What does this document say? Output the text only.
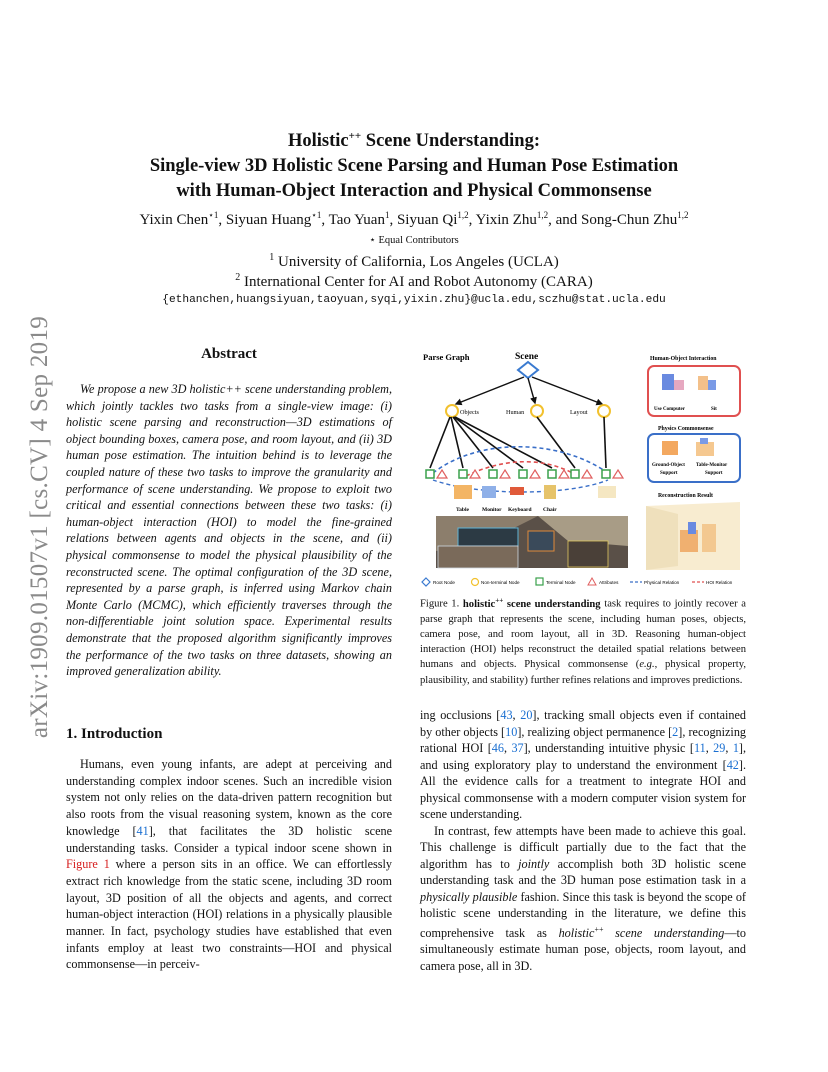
arXiv:1909.01507v1 [cs.CV] 4 Sep 2019
Holistic++ Scene Understanding:
Single-view 3D Holistic Scene Parsing and Human Pose Estimation
with Human-Object Interaction and Physical Commonsense
Yixin Chen$^{⋆1}$, Siyuan Huang$^{⋆1}$, Tao Yuan$^1$, Siyuan Qi$^{1,2}$, Yixin Zhu$^{1,2}$, and Song-Chun Zhu$^{1,2}$
⋆ Equal Contributors
$^1$ University of California, Los Angeles (UCLA)
$^2$ International Center for AI and Robot Autonomy (CARA)
{ethanchen,huangsiyuan,taoyuan,syqi,yixin.zhu}@ucla.edu,sczhu@stat.ucla.edu
Abstract
We propose a new 3D holistic++ scene understanding problem, which jointly tackles two tasks from a single-view image: (i) holistic scene parsing and reconstruction—3D estimations of object bounding boxes, camera pose, and room layout, and (ii) 3D human pose estimation. The intuition behind is to leverage the coupled nature of these two tasks to improve the granularity and performance of scene understanding. We propose to exploit two critical and essential connections between these two tasks: (i) human-object interaction (HOI) to model the fine-grained relations between agents and objects in the scene, and (ii) physical commonsense to model the physical plausibility of the reconstructed scene. The optimal configuration of the 3D scene, represented by a parse graph, is inferred using Markov chain Monte Carlo (MCMC), which efficiently traverses through the non-differentiable joint solution space. Experimental results demonstrate that the proposed algorithm significantly improves the performance of the two tasks on three datasets, showing an improved generalization ability.
1. Introduction
Humans, even young infants, are adept at perceiving and understanding complex indoor scenes. Such an incredible vision system not only relies on the data-driven pattern recognition but also roots from the visual reasoning system, known as the core knowledge [41], that facilitates the 3D holistic scene understanding tasks. Consider a typical indoor scene shown in Figure 1 where a person sits in an office. We can effortlessly extract rich knowledge from the static scene, including 3D room layout, 3D position of all the objects and agents, and correct human-object interaction (HOI) relations in a physically plausible manner. In fact, psychology studies have established that even infants employ at least two constraints—HOI and physical commonsense—in perceiv-
Parse Graph	Scene
Objects	Human	Layout
Table Monitor Keyboard Chair
Human-Object Interaction
Use Computer	Sit
Physics Commonsense
Ground-Object
Support
Table-Monitor
Support
Reconstruction Result
Root Node	Non-terminal Node	Terminal Node	Attributes	Physical Relation	HOI Relation
Figure 1. holistic++ scene understanding task requires to jointly recover a parse graph that represents the scene, including human poses, objects, camera pose, and room layout, all in 3D. Reasoning human-object interaction (HOI) helps reconstruct the detailed spatial relations between humans and objects. Physical commonsense (e.g., physical property, plausibility, and stability) further refines relations and improves predictions.

ing occlusions [43, 20], tracking small objects even if contained by other objects [10], realizing object permanence [2], recognizing rational HOI [46, 37], understanding intuitive physic [11, 29, 1], and using exploratory play to understand the environment [42]. All the evidence calls for a treatment to integrate HOI and physical commonsense with a modern computer vision system for scene understanding.

In contrast, few attempts have been made to achieve this goal. This challenge is difficult partially due to the fact that the algorithm has to jointly accomplish both 3D holistic scene understanding task and the 3D human pose estimation task in a physically plausible fashion. Since this task is beyond the scope of holistic scene understanding in the literature, we define this comprehensive task as holistic++ scene understanding—to simultaneously estimate human pose, objects, room layout, and camera pose, all in 3D.
